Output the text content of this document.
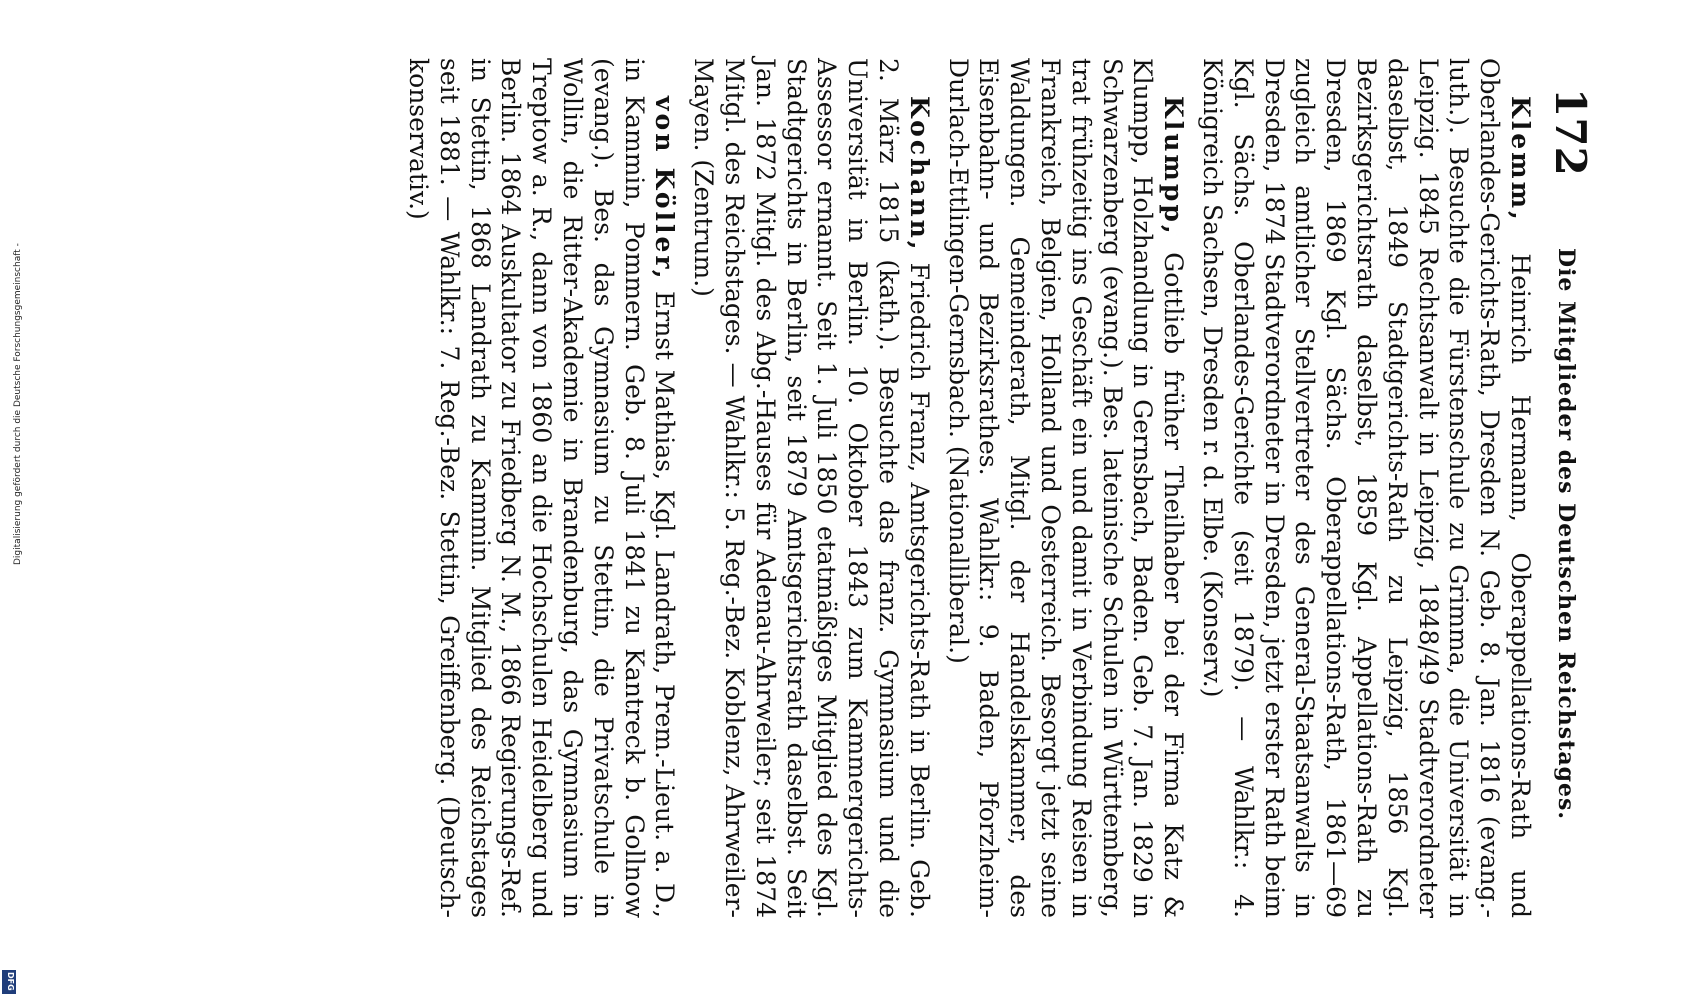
172
Die Mitglieder des Deutschen Reichstages.

Klemm, Heinrich Hermann, Oberappellations-Rath und Oberlandes-Gerichts-Rath, Dresden N. Geb. 8. Jan. 1816 (evang.-luth.). Besuchte die Fürstenschule zu Grimma, die Universität in Leipzig. 1845 Rechtsanwalt in Leipzig, 1848/49 Stadtverordneter daselbst, 1849 Stadtgerichts-Rath zu Leipzig, 1856 Kgl. Bezirksgerichtsrath daselbst, 1859 Kgl. Appellations-Rath zu Dresden, 1869 Kgl. Sächs. Oberappellations-Rath, 1861—69 zugleich amtlicher Stellvertreter des General-Staatsanwalts in Dresden, 1874 Stadtverordneter in Dresden, jetzt erster Rath beim Kgl. Sächs. Oberlandes-Gerichte (seit 1879). — Wahlkr.: 4. Königreich Sachsen, Dresden r. d. Elbe. (Konserv.)

Klumpp, Gottlieb früher Theilhaber bei der Firma Katz & Klumpp, Holzhandlung in Gernsbach, Baden. Geb. 7. Jan. 1829 in Schwarzenberg (evang.). Bes. lateinische Schulen in Württemberg, trat frühzeitig ins Geschäft ein und damit in Verbindung Reisen in Frankreich, Belgien, Holland und Oesterreich. Besorgt jetzt seine Waldungen. Gemeinderath, Mitgl. der Handelskammer, des Eisenbahn- und Bezirksrathes. Wahlkr.: 9. Baden, Pforzheim-Durlach-Ettlingen-Gernsbach. (Nationalliberal.)

Kochann, Friedrich Franz, Amtsgerichts-Rath in Berlin. Geb. 2. März 1815 (kath.). Besuchte das franz. Gymnasium und die Universität in Berlin. 10. Oktober 1843 zum Kammergerichts-Assessor ernannt. Seit 1. Juli 1850 etatmäßiges Mitglied des Kgl. Stadtgerichts in Berlin, seit 1879 Amtsgerichtsrath daselbst. Seit Jan. 1872 Mitgl. des Abg.-Hauses für Adenau-Ahrweiler; seit 1874 Mitgl. des Reichstages. — Wahlkr.: 5. Reg.-Bez. Koblenz, Ahrweiler-Mayen. (Zentrum.)

von Köller, Ernst Mathias, Kgl. Landrath, Prem.-Lieut. a. D., in Kammin, Pommern. Geb. 8. Juli 1841 zu Kantreck b. Gollnow (evang.). Bes. das Gymnasium zu Stettin, die Privatschule in Wollin, die Ritter-Akademie in Brandenburg, das Gymnasium in Treptow a. R., dann von 1860 an die Hochschulen Heidelberg und Berlin. 1864 Auskultator zu Friedberg N. M., 1866 Regierungs-Ref. in Stettin, 1868 Landrath zu Kammin. Mitglied des Reichstages seit 1881. — Wahlkr.: 7. Reg.-Bez. Stettin, Greiffenberg. (Deutsch-konservativ.)

Digitalisierung gefördert durch die Deutsche Forschungsgemeinschaft -
DFG
